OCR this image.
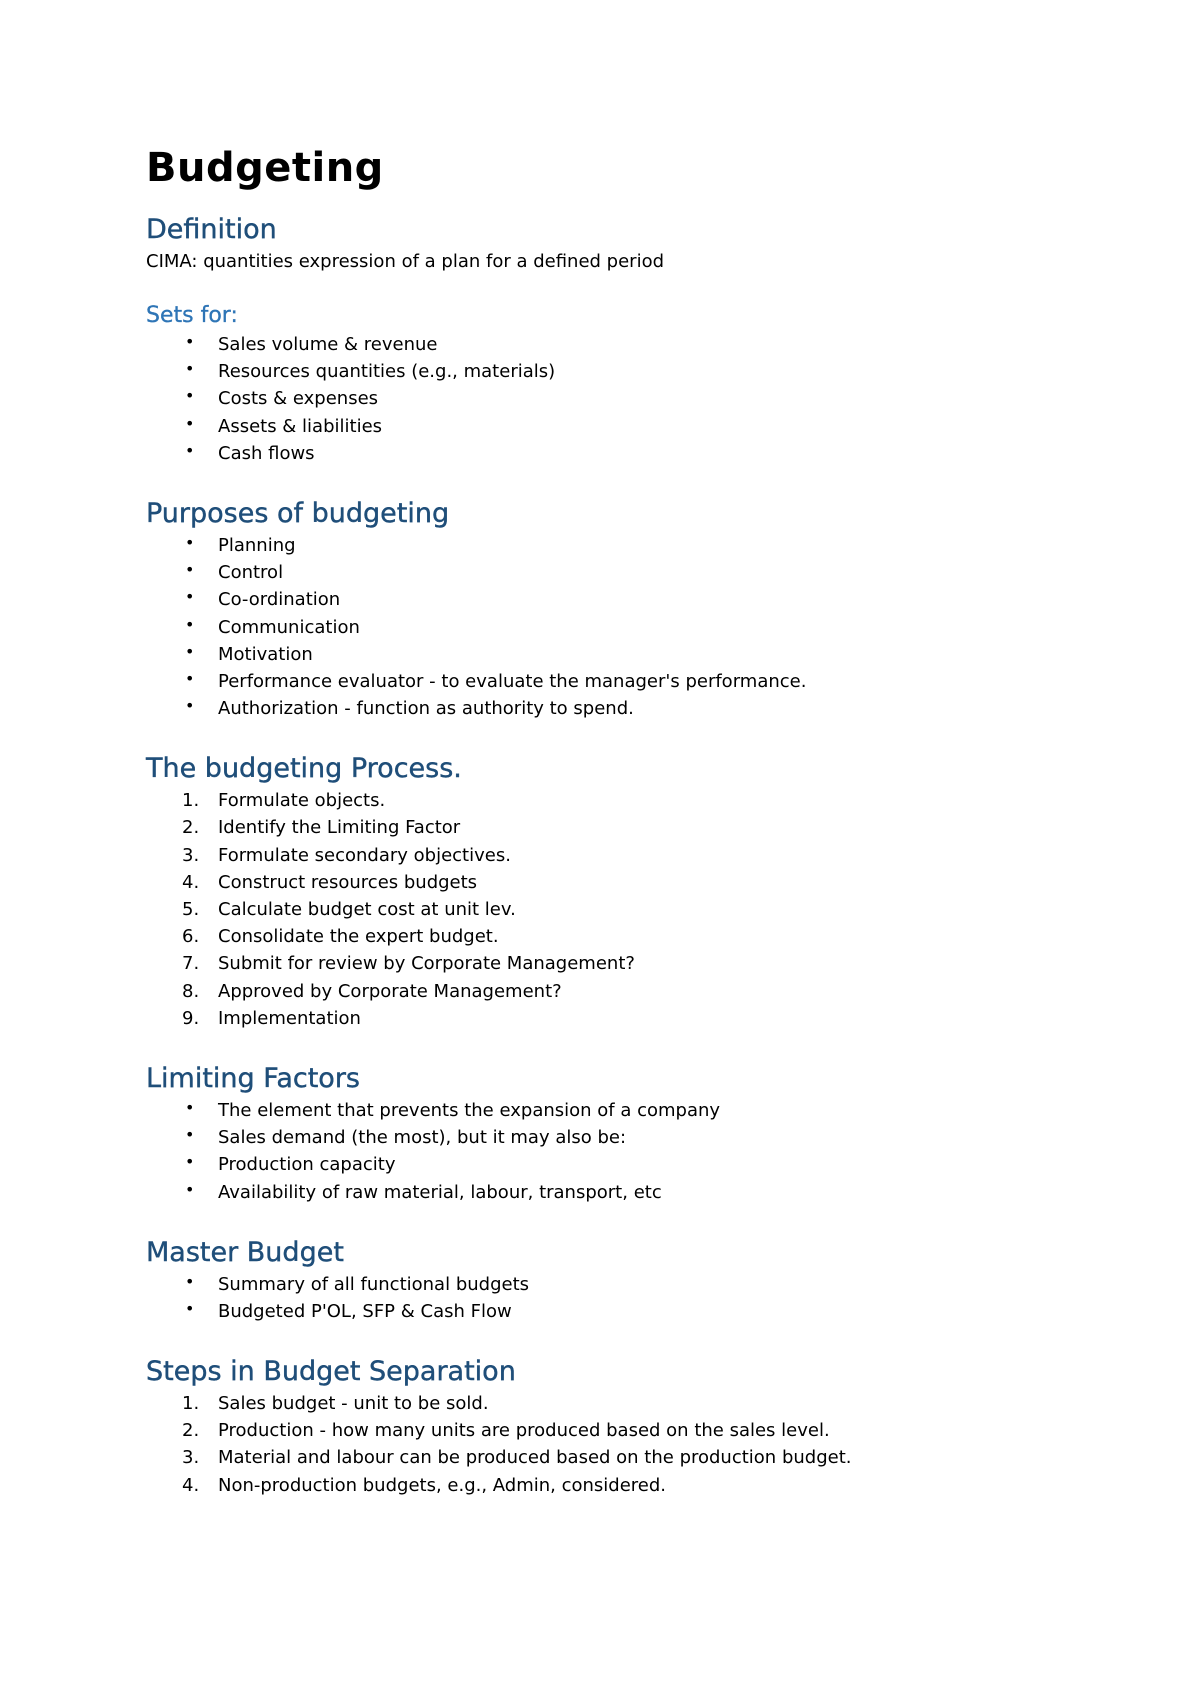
Budgeting
Definition
CIMA: quantities expression of a plan for a defined period
Sets for:
• Sales volume & revenue
• Resources quantities (e.g., materials)
• Costs & expenses
• Assets & liabilities
• Cash flows
Purposes of budgeting
• Planning
• Control
• Co-ordination
• Communication
• Motivation
• Performance evaluator - to evaluate the manager's performance.
• Authorization - function as authority to spend.
The budgeting Process.
1. Formulate objects.
2. Identify the Limiting Factor
3. Formulate secondary objectives.
4. Construct resources budgets
5. Calculate budget cost at unit lev.
6. Consolidate the expert budget.
7. Submit for review by Corporate Management?
8. Approved by Corporate Management?
9. Implementation
Limiting Factors
• The element that prevents the expansion of a company
• Sales demand (the most), but it may also be:
• Production capacity
• Availability of raw material, labour, transport, etc
Master Budget
• Summary of all functional budgets
• Budgeted P'OL, SFP & Cash Flow
Steps in Budget Separation
1. Sales budget - unit to be sold.
2. Production - how many units are produced based on the sales level.
3. Material and labour can be produced based on the production budget.
4. Non-production budgets, e.g., Admin, considered.
